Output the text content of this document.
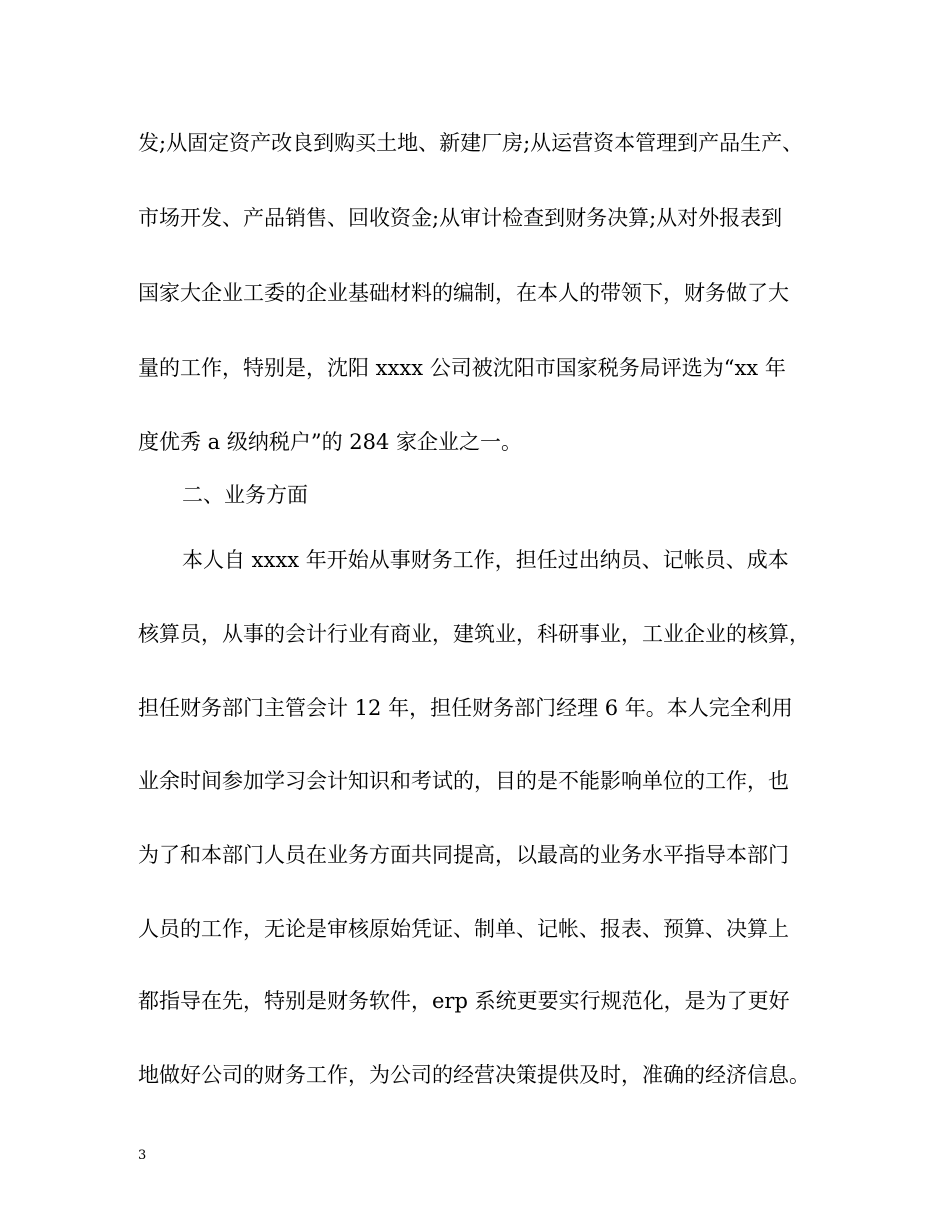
发;从固定资产改良到购买土地、新建厂房;从运营资本管理到产品生产、
市场开发、产品销售、回收资金;从审计检查到财务决算;从对外报表到
国家大企业工委的企业基础材料的编制，在本人的带领下，财务做了大
量的工作，特别是，沈阳 xxxx 公司被沈阳市国家税务局评选为“xx 年
度优秀 a 级纳税户”的 284 家企业之一。
二、业务方面
本人自 xxxx 年开始从事财务工作，担任过出纳员、记帐员、成本
核算员，从事的会计行业有商业，建筑业，科研事业，工业企业的核算，
担任财务部门主管会计 12 年，担任财务部门经理 6 年。本人完全利用
业余时间参加学习会计知识和考试的，目的是不能影响单位的工作，也
为了和本部门人员在业务方面共同提高，以最高的业务水平指导本部门
人员的工作，无论是审核原始凭证、制单、记帐、报表、预算、决算上
都指导在先，特别是财务软件，erp 系统更要实行规范化，是为了更好
地做好公司的财务工作，为公司的经营决策提供及时，准确的经济信息。
3
